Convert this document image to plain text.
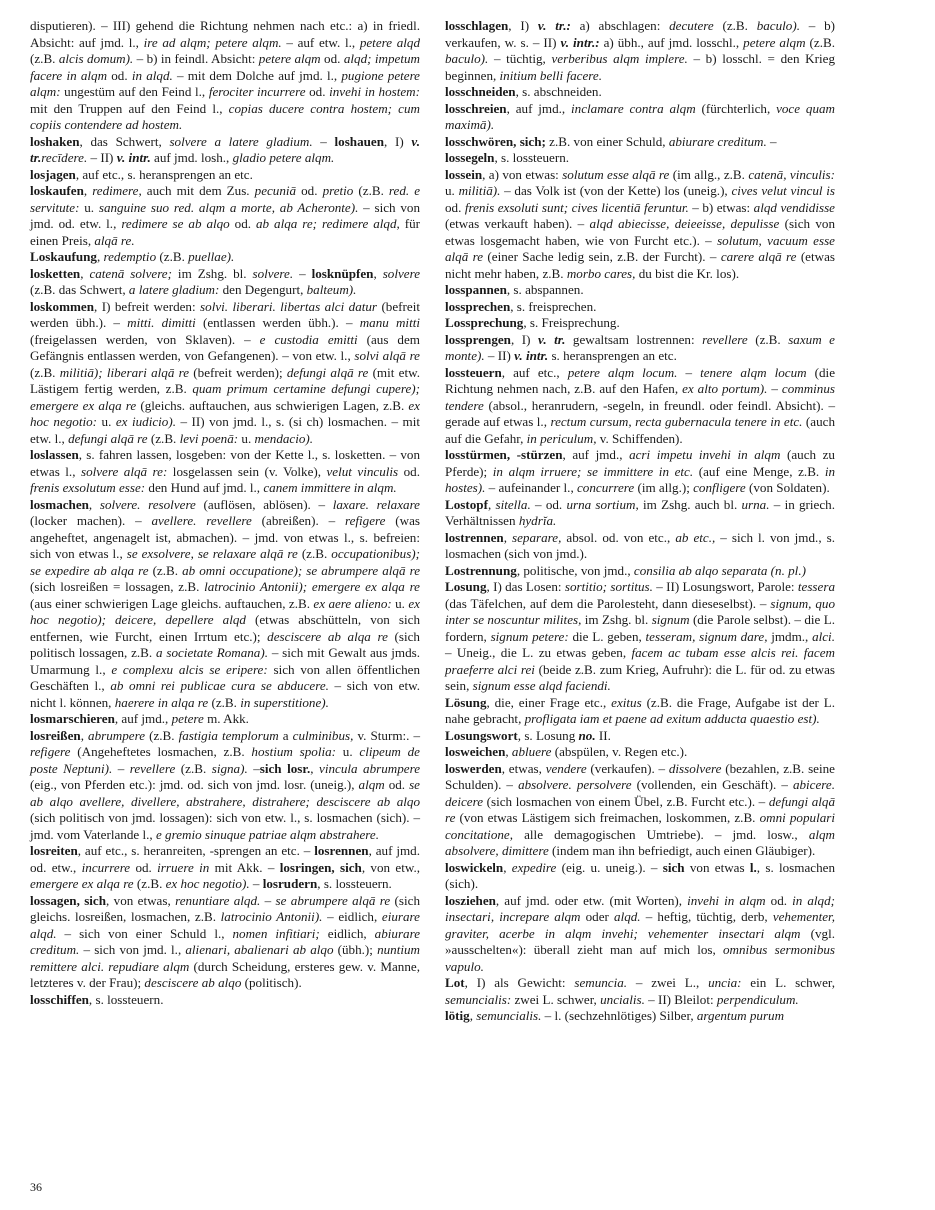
disputieren). – III) gehend die Richtung nehmen nach etc.: a) in friedl. Absicht: auf jmd. l., ire ad alqm; petere alqm. – auf etw. l., petere alqd (z.B. alcis domum). – b) in feindl. Absicht: petere alqm od. alqd; impetum facere in alqm od. in alqd. – mit dem Dolche auf jmd. l., pugione petere alqm: ungestüm auf den Feind l., ferociter incurrere od. invehi in hostem: mit den Truppen auf den Feind l., copias ducere contra hostem; cum copiis contendere ad hostem.

loshaken, das Schwert, solvere a latere gladium. – loshauen, I) v. tr.recīdere. – II) v. intr. auf jmd. losh., gladio petere alqm.

losjagen, auf etc., s. heransprengen an etc.

loskaufen, redimere, auch mit dem Zus. pecuniā od. pretio (z.B. red. e servitute: u. sanguine suo red. alqm a morte, ab Acheronte). – sich von jmd. od. etw. l., redimere se ab alqo od. ab alqa re; redimere alqd, für einen Preis, alqā re.

Loskaufung, redemptio (z.B. puellae).

losketten, catenā solvere; im Zshg. bl. solvere. – losknüpfen, solvere (z.B. das Schwert, a latere gladium: den Degengurt, balteum).

loskommen, I) befreit werden: solvi. liberari. libertas alci datur (befreit werden übh.). – mitti. dimitti (entlassen werden übh.). – manu mitti (freigelassen werden, von Sklaven). – e custodia emitti (aus dem Gefängnis entlassen werden, von Gefangenen). – von etw. l., solvi alqā re (z.B. militiā); liberari alqā re (befreit werden); defungi alqā re (mit etw. Lästigem fertig werden, z.B. quam primum certamine defungi cupere); emergere ex alqa re (gleichs. auftauchen, aus schwierigen Lagen, z.B. ex hoc negotio: u. ex iudicio). – II) von jmd. l., s. (si ch) losmachen. – mit etw. l., defungi alqā re (z.B. levi poenā: u. mendacio).

loslassen, s. fahren lassen, losgeben: von der Kette l., s. losketten. – von etwas l., solvere alqā re: losgelassen sein (v. Volke), velut vinculis od. frenis exsolutum esse: den Hund auf jmd. l., canem immittere in alqm.

losmachen, solvere. resolvere (auflösen, ablösen). – laxare. relaxare (locker machen). – avellere. revellere (abreißen). – refigere (was angeheftet, angenagelt ist, abmachen). – jmd. von etwas l., s. befreien: sich von etwas l., se exsolvere, se relaxare alqā re (z.B. occupationibus); se expedire ab alqa re (z.B. ab omni occupatione); se abrumpere alqā re (sich losreißen = lossagen, z.B. latrocinio Antonii); emergere ex alqa re (aus einer schwierigen Lage gleichs. auftauchen, z.B. ex aere alieno: u. ex hoc negotio); deicere, depellere alqd (etwas abschütteln, von sich entfernen, wie Furcht, einen Irrtum etc.); desciscere ab alqa re (sich politisch lossagen, z.B. a societate Romana). – sich mit Gewalt aus jmds. Umarmung l., e complexu alcis se eripere: sich von allen öffentlichen Geschäften l., ab omni rei publicae cura se abducere. – sich von etw. nicht l. können, haerere in alqa re (z.B. in superstitione).

losmarschieren, auf jmd., petere m. Akk.

losreißen, abrumpere (z.B. fastigia templorum a culminibus, v. Sturm:. – refigere (Angeheftetes losmachen, z.B. hostium spolia: u. clipeum de poste Neptuni). – revellere (z.B. signa). –sich losr., vincula abrumpere (eig., von Pferden etc.): jmd. od. sich von jmd. losr. (uneig.), alqm od. se ab alqo avellere, divellere, abstrahere, distrahere; desciscere ab alqo (sich politisch von jmd. lossagen): sich von etw. l., s. losmachen (sich). – jmd. vom Vaterlande l., e gremio sinuque patriae alqm abstrahere.

losreiten, auf etc., s. heranreiten, -sprengen an etc. – losrennen, auf jmd. od. etw., incurrere od. irruere in mit Akk. – losringen, sich, von etw., emergere ex alqa re (z.B. ex hoc negotio). – losrudern, s. lossteuern.

lossagen, sich, von etwas, renuntiare alqd. – se abrumpere alqā re (sich gleichs. losreißen, losmachen, z.B. latrocinio Antonii). – eidlich, eiurare alqd. – sich von einer Schuld l., nomen infitiari; eidlich, abiurare creditum. – sich von jmd. l., alienari, abalienari ab alqo (übh.); nuntium remittere alci. repudiare alqm (durch Scheidung, ersteres gew. v. Manne, letzteres v. der Frau); desciscere ab alqo (politisch).

losschiffen, s. lossteuern.

losschlagen, I) v. tr.: a) abschlagen: decutere (z.B. baculo). – b) verkaufen, w. s. – II) v. intr.: a) übh., auf jmd. losschl., petere alqm (z.B. baculo). – tüchtig, verberibus alqm implere. – b) losschl. = den Krieg beginnen, initium belli facere.

losschneiden, s. abschneiden.

losschreien, auf jmd., inclamare contra alqm (fürchterlich, voce quam maximā).

losschwören, sich; z.B. von einer Schuld, abiurare creditum. –

lossegeln, s. lossteuern.

lossein, a) von etwas: solutum esse alqā re (im allg., z.B. catenā, vinculis: u. militiā). – das Volk ist (von der Kette) los (uneig.), cives velut vincul is od. frenis exsoluti sunt; cives licentiā feruntur. – b) etwas: alqd vendidisse (etwas verkauft haben). – alqd abiecisse, deieeisse, depulisse (sich von etwas losgemacht haben, wie von Furcht etc.). – solutum, vacuum esse alqā re (einer Sache ledig sein, z.B. der Furcht). – carere alqā re (etwas nicht mehr haben, z.B. morbo cares, du bist die Kr. los).

losspannen, s. abspannen.

lossprechen, s. freisprechen.

Lossprechung, s. Freisprechung.

lossprengen, I) v. tr. gewaltsam lostrennen: revellere (z.B. saxum e monte). – II) v. intr. s. heransprengen an etc.

lossteuern, auf etc., petere alqm locum. – tenere alqm locum (die Richtung nehmen nach, z.B. auf den Hafen, ex alto portum). – comminus tendere (absol., heranrudern, -segeln, in freundl. oder feindl. Absicht). – gerade auf etwas l., rectum cursum, recta gubernacula tenere in etc. (auch auf die Gefahr, in periculum, v. Schiffenden).

losstürmen, -stürzen, auf jmd., acri impetu invehi in alqm (auch zu Pferde); in alqm irruere; se immittere in etc. (auf eine Menge, z.B. in hostes). – aufeinander l., concurrere (im allg.); confligere (von Soldaten).

Lostopf, sitella. – od. urna sortium, im Zshg. auch bl. urna. – in griech. Verhältnissen hydrĭa.

lostrennen, separare, absol. od. von etc., ab etc., – sich l. von jmd., s. losmachen (sich von jmd.).

Lostrennung, politische, von jmd., consilia ab alqo separata (n. pl.)

Losung, I) das Losen: sortitio; sortitus. – II) Losungswort, Parole: tessera (das Täfelchen, auf dem die Parolesteht, dann dieseselbst). – signum, quo inter se noscuntur milites, im Zshg. bl. signum (die Parole selbst). – die L. fordern, signum petere: die L. geben, tesseram, signum dare, jmdm., alci. – Uneig., die L. zu etwas geben, facem ac tubam esse alcis rei. facem praeferre alci rei (beide z.B. zum Krieg, Aufruhr): die L. für od. zu etwas sein, signum esse alqd faciendi.

Lösung, die, einer Frage etc., exitus (z.B. die Frage, Aufgabe ist der L. nahe gebracht, profligata iam et paene ad exitum adducta quaestio est).

Losungswort, s. Losung no. II.

losweichen, abluere (abspülen, v. Regen etc.).

loswerden, etwas, vendere (verkaufen). – dissolvere (bezahlen, z.B. seine Schulden). – absolvere. persolvere (vollenden, ein Geschäft). – abicere. deicere (sich losmachen von einem Übel, z.B. Furcht etc.). – defungi alqā re (von etwas Lästigem sich freimachen, loskommen, z.B. omni populari concitatione, alle demagogischen Umtriebe). – jmd. losw., alqm absolvere, dimittere (indem man ihn befriedigt, auch einen Gläubiger).

loswickeln, expedire (eig. u. uneig.). – sich von etwas l., s. losmachen (sich).

losziehen, auf jmd. oder etw. (mit Worten), invehi in alqm od. in alqd; insectari, increpare alqm oder alqd. – heftig, tüchtig, derb, vehementer, graviter, acerbe in alqm invehi; vehementer insectari alqm (vgl. »ausschelten«): überall zieht man auf mich los, omnibus sermonibus vapulo.

Lot, I) als Gewicht: semuncia. – zwei L., uncia: ein L. schwer, semuncialis: zwei L. schwer, uncialis. – II) Bleilot: perpendiculum.

lötig, semuncialis. – l. (sechzehnlötiges) Silber, argentum purum

36
